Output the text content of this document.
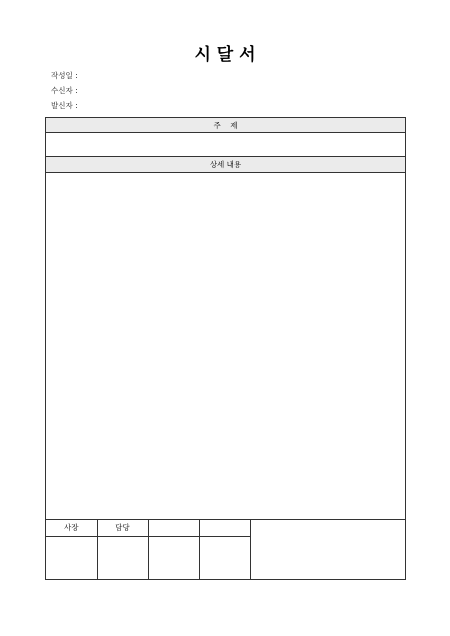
시 달 서
작성일 :
수신자 :
발신자 :
주    제
상세 내용
사장	담당		
